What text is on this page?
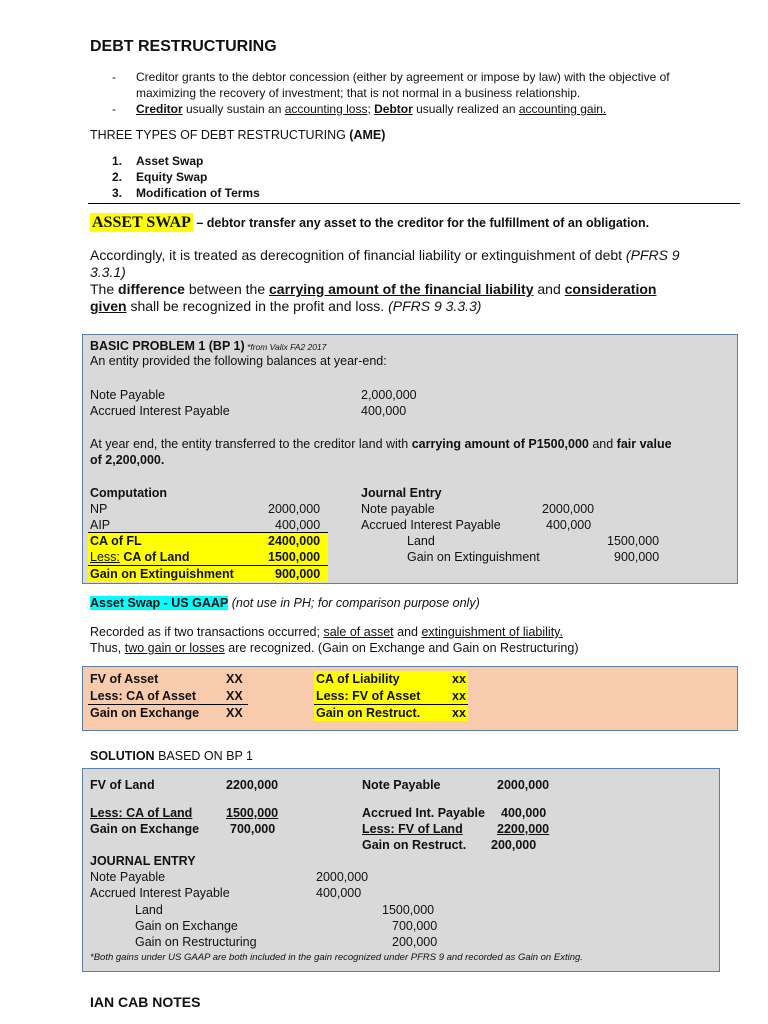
DEBT RESTRUCTURING
- Creditor grants to the debtor concession (either by agreement or impose by law) with the objective of
maximizing the recovery of investment; that is not normal in a business relationship.
- Creditor usually sustain an accounting loss; Debtor usually realized an accounting gain.
THREE TYPES OF DEBT RESTRUCTURING (AME)
1. Asset Swap
2. Equity Swap
3. Modification of Terms
ASSET SWAP – debtor transfer any asset to the creditor for the fulfillment of an obligation.
Accordingly, it is treated as derecognition of financial liability or extinguishment of debt (PFRS 9
3.3.1)
The difference between the carrying amount of the financial liability and consideration
given shall be recognized in the profit and loss. (PFRS 9 3.3.3)
BASIC PROBLEM 1 (BP 1) *from Valix FA2 2017
An entity provided the following balances at year-end:
Note Payable	2,000,000
Accrued Interest Payable	400,000
At year end, the entity transferred to the creditor land with carrying amount of P1500,000 and fair value
of 2,200,000.
Computation
NP	2000,000
AIP	400,000
CA of FL	2400,000
Less: CA of Land	1500,000
Gain on Extinguishment	900,000
Journal Entry
Note payable	2000,000
Accrued Interest Payable	400,000
Land	1500,000
Gain on Extinguishment	900,000
Asset Swap - US GAAP (not use in PH; for comparison purpose only)
Recorded as if two transactions occurred; sale of asset and extinguishment of liability.
Thus, two gain or losses are recognized. (Gain on Exchange and Gain on Restructuring)
FV of Asset	XX
Less: CA of Asset XX
Gain on Exchange XX
CA of Liability	xx
Less: FV of Asset	xx
Gain on Restruct.	xx
SOLUTION BASED ON BP 1
FV of Land	2200,000
Less: CA of Land	1500,000
Gain on Exchange 700,000
Note Payable	2000,000
Accrued Int. Payable 400,000
Less: FV of Land	2200,000
Gain on Restruct. 200,000
JOURNAL ENTRY
Note Payable	2000,000
Accrued Interest Payable	400,000
Land	1500,000
Gain on Exchange	700,000
Gain on Restructuring	200,000
*Both gains under US GAAP are both included in the gain recognized under PFRS 9 and recorded as Gain on Exting.
IAN CAB NOTES
